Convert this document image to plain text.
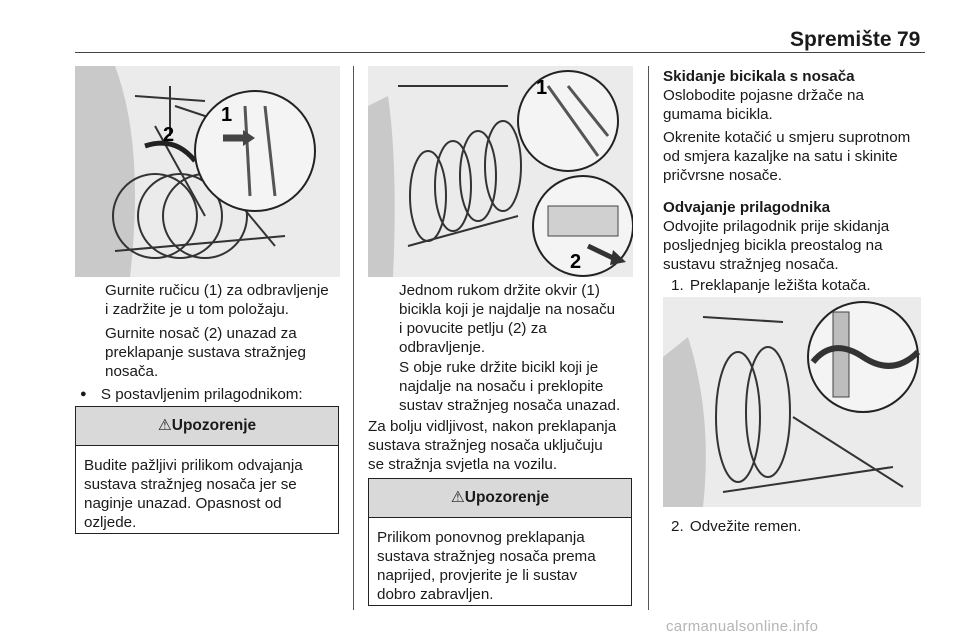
Spremište 79
1
2
Gurnite ručicu (1) za odbravljenje
i zadržite je u tom položaju.
Gurnite nosač (2) unazad za
preklapanje sustava stražnjeg
nosača.
● S postavljenim prilagodnikom:
⚠Upozorenje
Budite pažljivi prilikom odvajanja
sustava stražnjeg nosača jer se
naginje unazad. Opasnost od
ozljede.
1
2
Jednom rukom držite okvir (1)
bicikla koji je najdalje na nosaču
i povucite petlju (2) za
odbravljenje.
S obje ruke držite bicikl koji je
najdalje na nosaču i preklopite
sustav stražnjeg nosača unazad.
Za bolju vidljivost, nakon preklapanja
sustava stražnjeg nosača uključuju
se stražnja svjetla na vozilu.
⚠Upozorenje
Prilikom ponovnog preklapanja
sustava stražnjeg nosača prema
naprijed, provjerite je li sustav
dobro zabravljen.
Skidanje bicikala s nosača
Oslobodite pojasne držače na
gumama bicikla.
Okrenite kotačić u smjeru suprotnom
od smjera kazaljke na satu i skinite
pričvrsne nosače.
Odvajanje prilagodnika
Odvojite prilagodnik prije skidanja
posljednjeg bicikla preostalog na
sustavu stražnjeg nosača.
1. Preklapanje ležišta kotača.
2. Odvežite remen.
carmanualsonline.info
